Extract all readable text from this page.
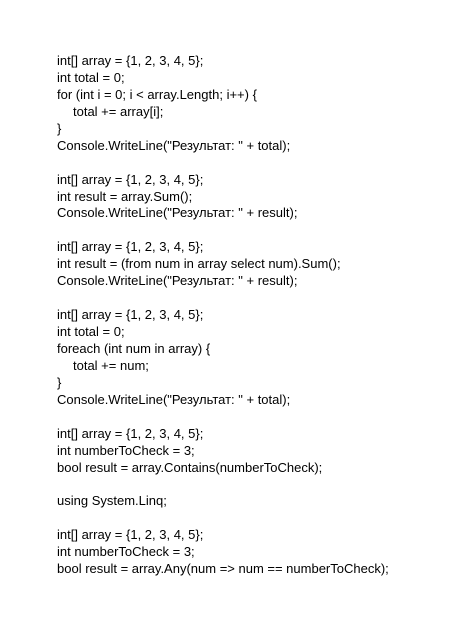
int[] array = {1, 2, 3, 4, 5};
int total = 0;
for (int i = 0; i < array.Length; i++) {
total += array[i];
}
Console.WriteLine("Результат: " + total);
int[] array = {1, 2, 3, 4, 5};
int result = array.Sum();
Console.WriteLine("Результат: " + result);
int[] array = {1, 2, 3, 4, 5};
int result = (from num in array select num).Sum();
Console.WriteLine("Результат: " + result);
int[] array = {1, 2, 3, 4, 5};
int total = 0;
foreach (int num in array) {
total += num;
}
Console.WriteLine("Результат: " + total);
int[] array = {1, 2, 3, 4, 5};
int numberToCheck = 3;
bool result = array.Contains(numberToCheck);
using System.Linq;
int[] array = {1, 2, 3, 4, 5};
int numberToCheck = 3;
bool result = array.Any(num => num == numberToCheck);
